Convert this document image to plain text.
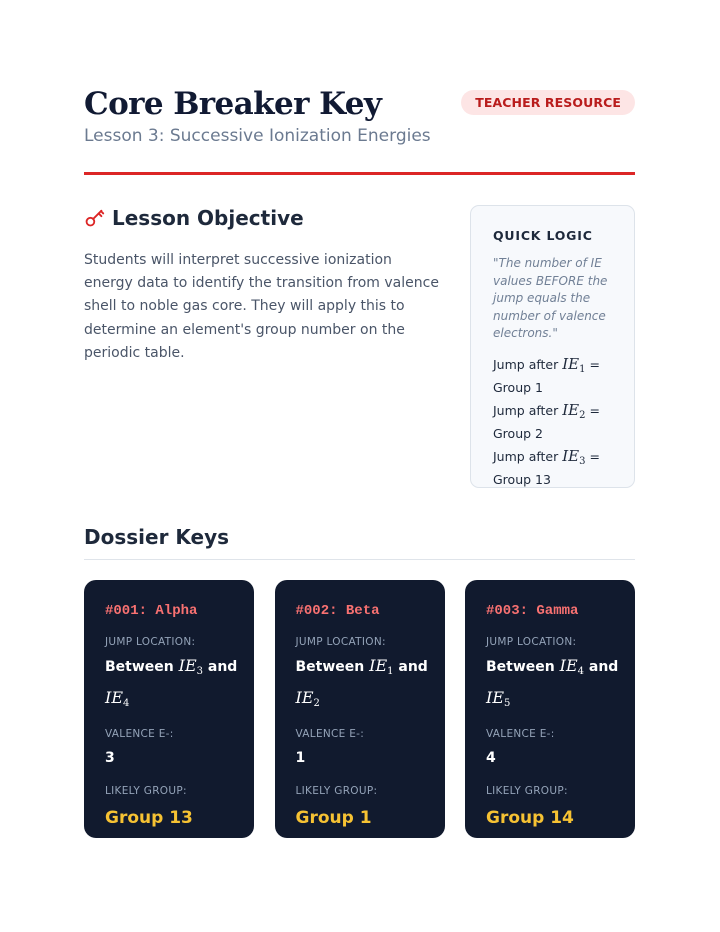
Core Breaker Key
Lesson 3: Successive Ionization Energies
TEACHER RESOURCE
Lesson Objective

Students will interpret successive ionization energy data to identify the transition from valence shell to noble gas core. They will apply this to determine an element's group number on the periodic table.

QUICK LOGIC
"The number of IE values BEFORE the jump equals the number of valence electrons."
Jump after $IE_1$ = Group 1
Jump after $IE_2$ = Group 2
Jump after $IE_3$ = Group 13
Dossier Keys
#001: Alpha
JUMP LOCATION:
Between $IE_3$ and
$IE_4$
VALENCE E-:
3
LIKELY GROUP:
Group 13
#002: Beta
JUMP LOCATION:
Between $IE_1$ and
$IE_2$
VALENCE E-:
1
LIKELY GROUP:
Group 1
#003: Gamma
JUMP LOCATION:
Between $IE_4$ and
$IE_5$
VALENCE E-:
4
LIKELY GROUP:
Group 14
